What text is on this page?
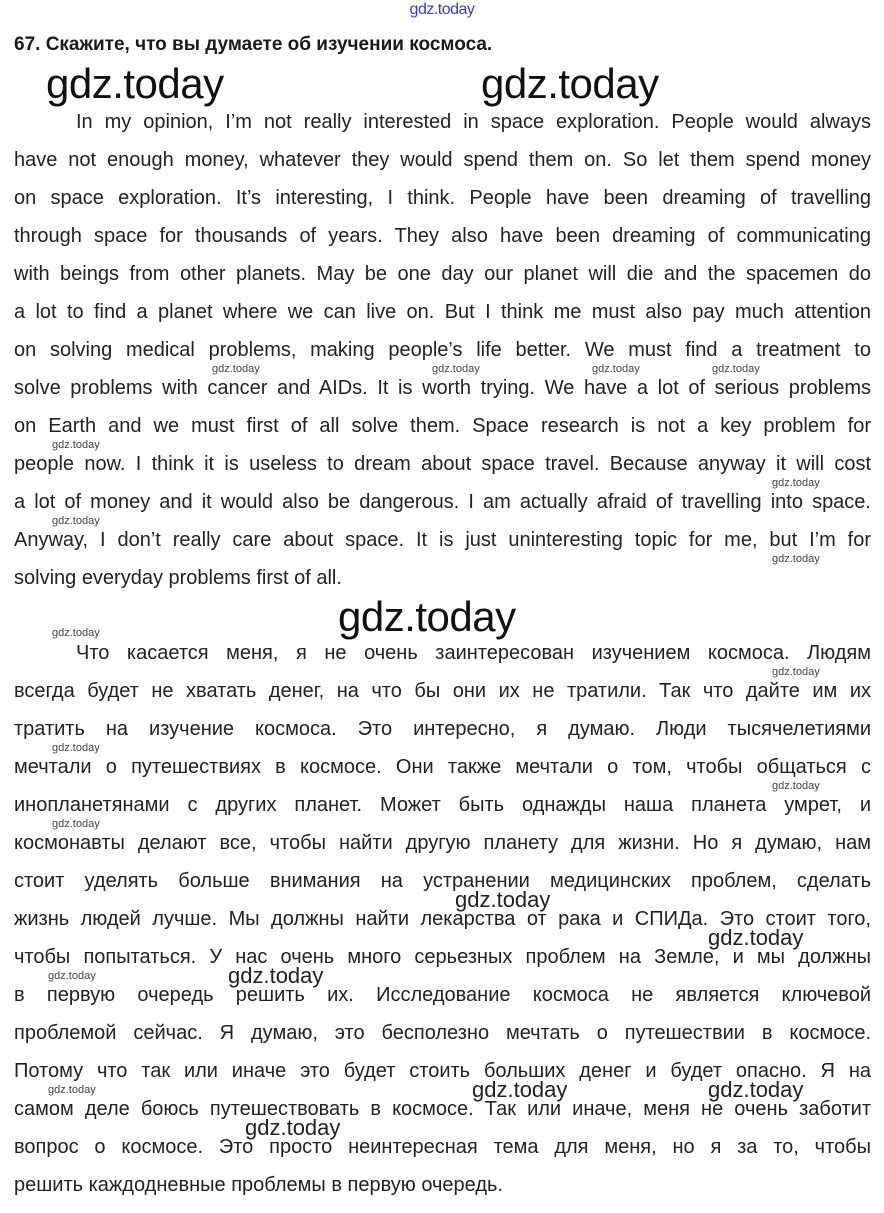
gdz.today
67. Скажите, что вы думаете об изучении космоса.
In my opinion, I’m not really interested in space exploration. People would always
have not enough money, whatever they would spend them on. So let them spend money
on space exploration. It’s interesting, I think. People have been dreaming of travelling
through space for thousands of years. They also have been dreaming of communicating
with beings from other planets. May be one day our planet will die and the spacemen do
a lot to find a planet where we can live on. But I think me must also pay much attention
on solving medical problems, making people’s life better. We must find a treatment to
solve problems with cancer and AIDs. It is worth trying. We have a lot of serious problems
on Earth and we must first of all solve them. Space research is not a key problem for
people now. I think it is useless to dream about space travel. Because anyway it will cost
a lot of money and it would also be dangerous. I am actually afraid of travelling into space.
Anyway, I don’t really care about space. It is just uninteresting topic for me, but I’m for
solving everyday problems first of all.
Что касается меня, я не очень заинтересован изучением космоса. Людям
всегда будет не хватать денег, на что бы они их не тратили. Так что дайте им их
тратить на изучение космоса. Это интересно, я думаю. Люди тысячелетиями
мечтали о путешествиях в космосе. Они также мечтали о том, чтобы общаться с
инопланетянами с других планет. Может быть однажды наша планета умрет, и
космонавты делают все, чтобы найти другую планету для жизни. Но я думаю, нам
стоит уделять больше внимания на устранении медицинских проблем, сделать
жизнь людей лучше. Мы должны найти лекарства от рака и СПИДа. Это стоит того,
чтобы попытаться. У нас очень много серьезных проблем на Земле, и мы должны
в первую очередь решить их. Исследование космоса не является ключевой
проблемой сейчас. Я думаю, это бесполезно мечтать о путешествии в космосе.
Потому что так или иначе это будет стоить больших денег и будет опасно. Я на
самом деле боюсь путешествовать в космосе. Так или иначе, меня не очень заботит
вопрос о космосе. Это просто неинтересная тема для меня, но я за то, чтобы
решить каждодневные проблемы в первую очередь.
gdz.today	gdz.today
gdz.today
gdz.today	gdz.today	gdz.today	gdz.today
gdz.today
gdz.today
gdz.today
gdz.today
gdz.today
gdz.today
gdz.today
gdz.today
gdz.today
gdz.today
gdz.today
gdz.today
gdz.today
gdz.today	gdz.today	gdz.today
gdz.today
